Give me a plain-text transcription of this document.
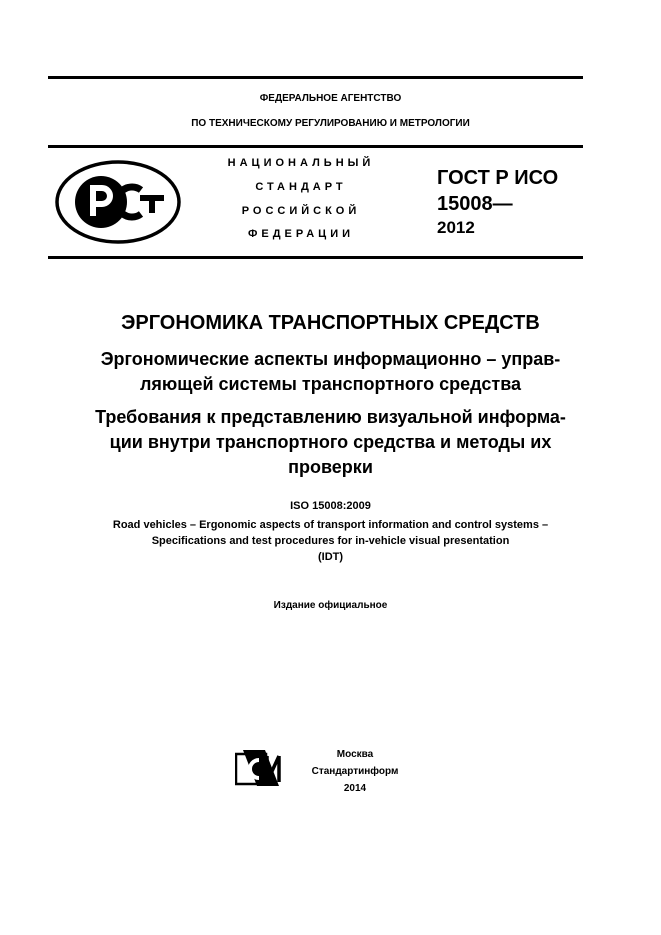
ФЕДЕРАЛЬНОЕ АГЕНТСТВО
ПО ТЕХНИЧЕСКОМУ РЕГУЛИРОВАНИЮ И МЕТРОЛОГИИ
НАЦИОНАЛЬНЫЙ
СТАНДАРТ
РОССИЙСКОЙ
ФЕДЕРАЦИИ
ГОСТ Р ИСО
15008—
2012
ЭРГОНОМИКА ТРАНСПОРТНЫХ СРЕДСТВ
Эргономические аспекты информационно – управ-
ляющей системы транспортного средства
Требования к представлению визуальной информа-
ции внутри транспортного средства и методы их
проверки
ISO 15008:2009
Road vehicles – Ergonomic aspects of transport information and control systems –
Specifications and test procedures for in-vehicle visual presentation
(IDT)
Издание официальное
Москва
Стандартинформ
2014
